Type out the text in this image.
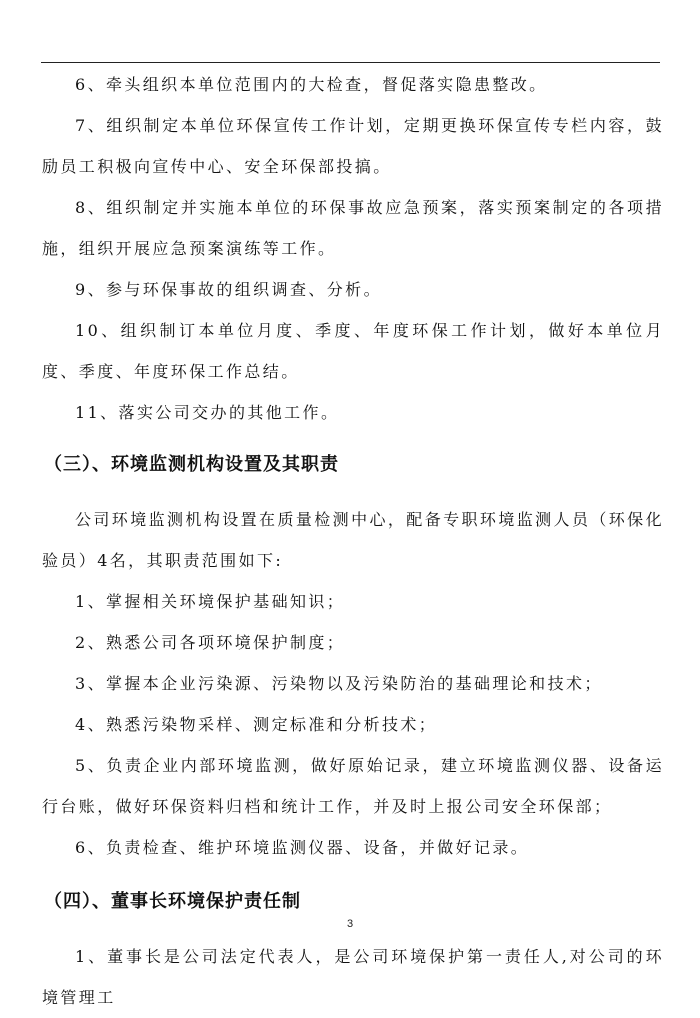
6、牵头组织本单位范围内的大检查，督促落实隐患整改。

7、组织制定本单位环保宣传工作计划，定期更换环保宣传专栏内容，鼓励员工积极向宣传中心、安全环保部投搞。

8、组织制定并实施本单位的环保事故应急预案，落实预案制定的各项措施，组织开展应急预案演练等工作。

9、参与环保事故的组织调查、分析。

10、组织制订本单位月度、季度、年度环保工作计划，做好本单位月度、季度、年度环保工作总结。

11、落实公司交办的其他工作。

（三）、环境监测机构设置及其职责

公司环境监测机构设置在质量检测中心，配备专职环境监测人员（环保化验员）4名，其职责范围如下:

1、掌握相关环境保护基础知识；

2、熟悉公司各项环境保护制度；

3、掌握本企业污染源、污染物以及污染防治的基础理论和技术；

4、熟悉污染物采样、测定标准和分析技术；

5、负责企业内部环境监测，做好原始记录，建立环境监测仪器、设备运行台账，做好环保资料归档和统计工作，并及时上报公司安全环保部；

6、负责检查、维护环境监测仪器、设备，并做好记录。

（四）、董事长环境保护责任制

1、董事长是公司法定代表人，是公司环境保护第一责任人,对公司的环境管理工

3
